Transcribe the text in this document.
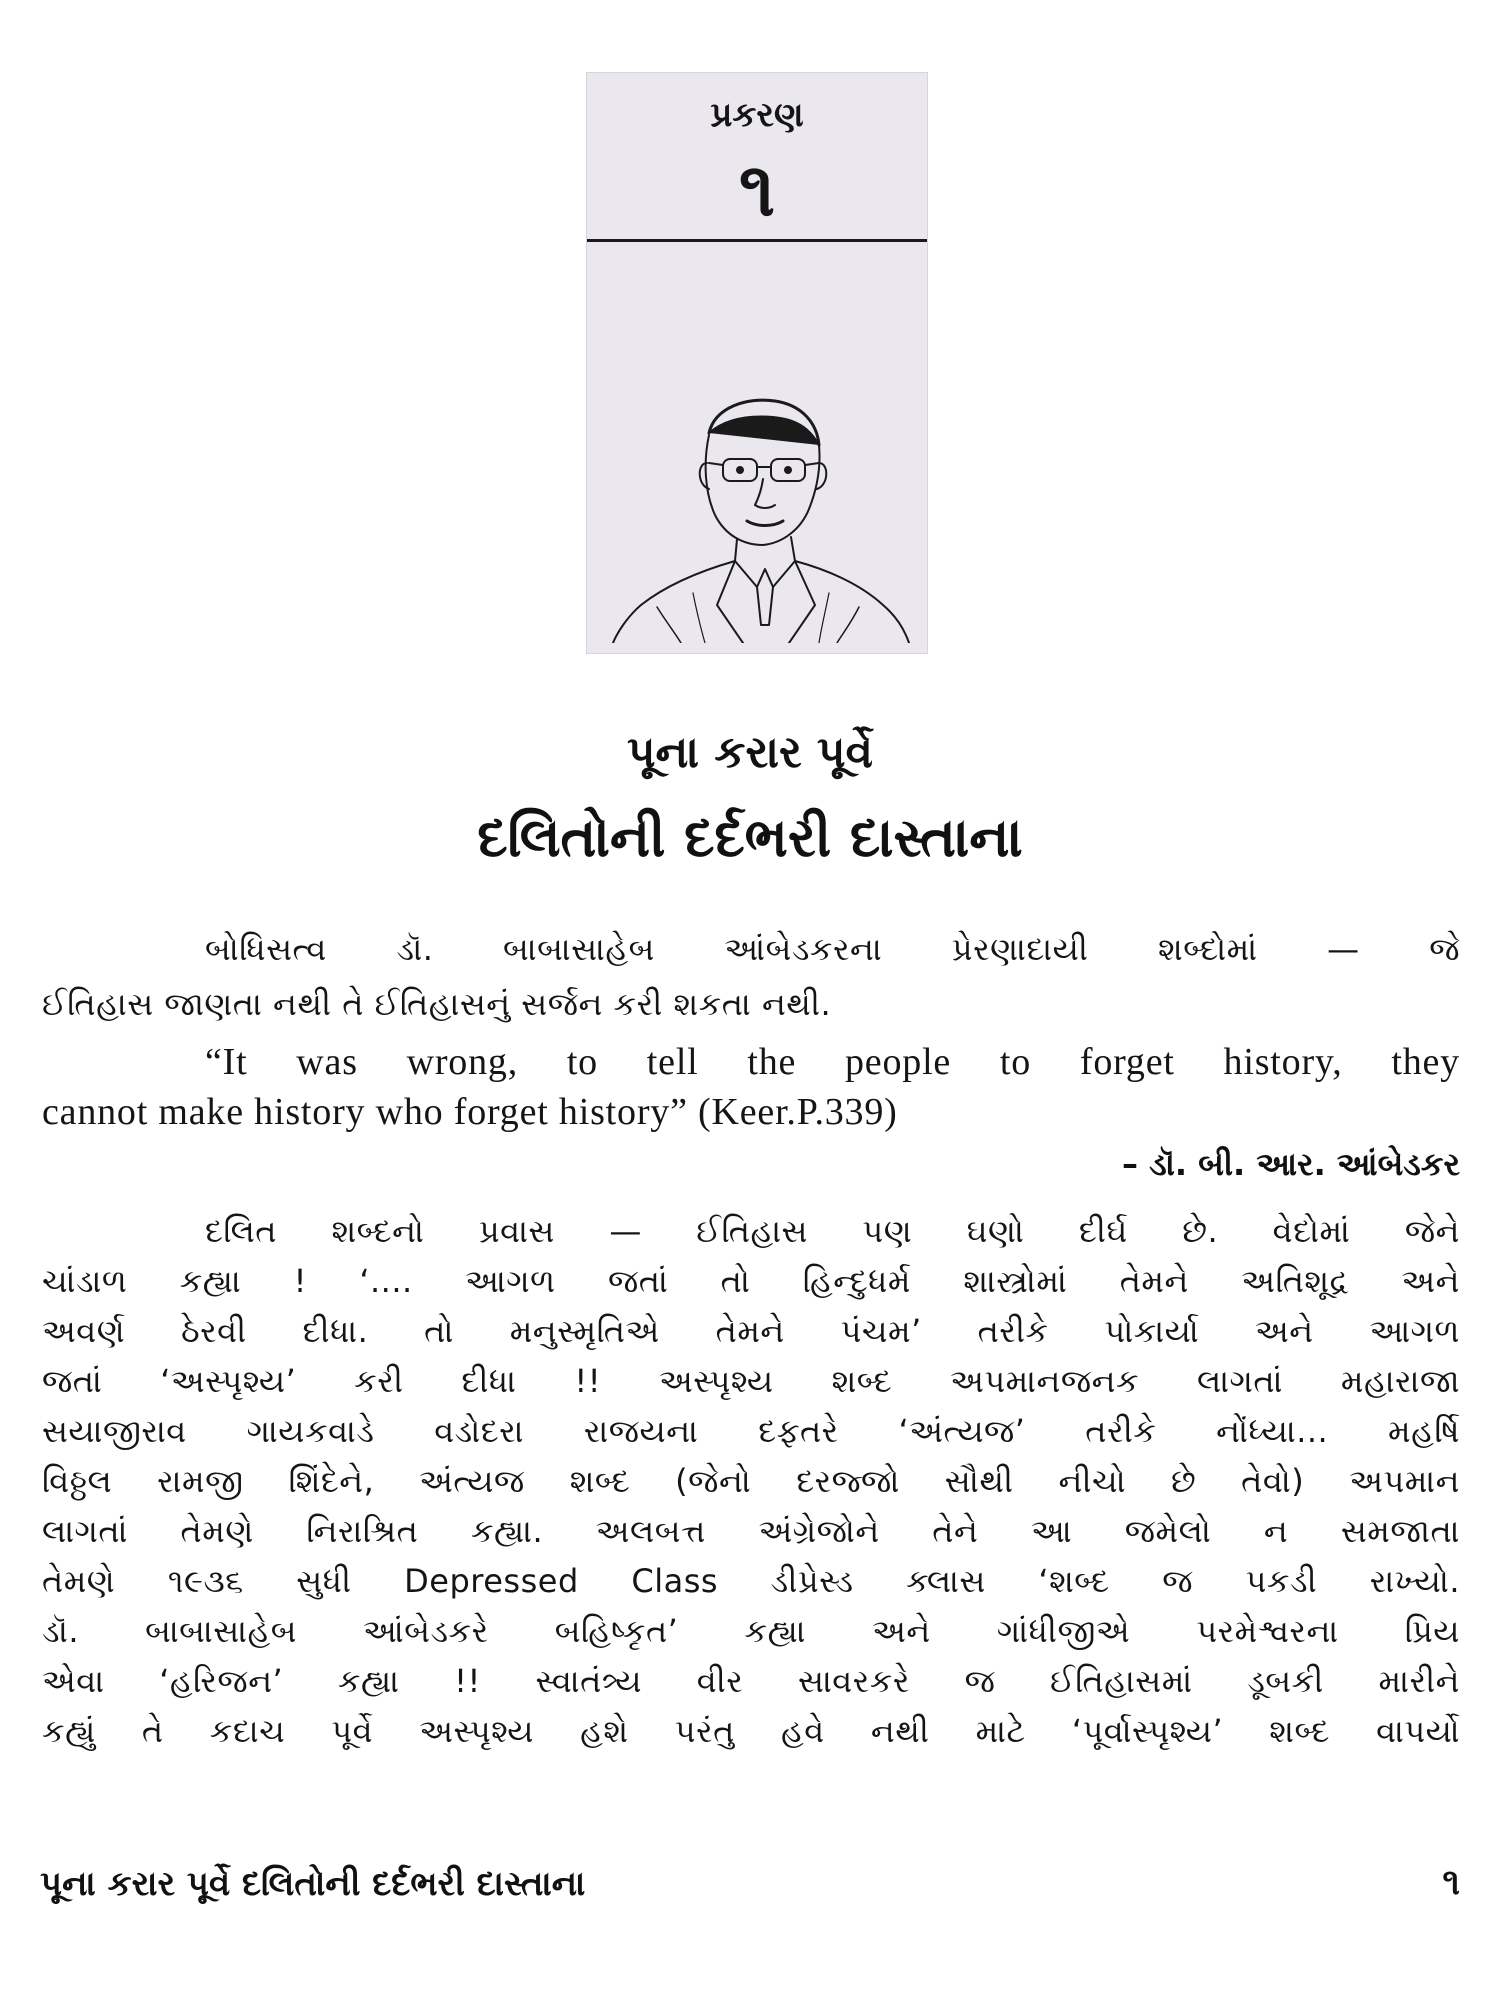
પ્રકરણ
૧
પૂના કરાર પૂર્વે
દલિતોની દર્દભરી દાસ્તાના
બોધિસત્વ ડૉ. બાબાસાહેબ આંબેડકરના પ્રેરણાદાયી શબ્દોમાં — જે
ઈતિહાસ જાણતા નથી તે ઈતિહાસનું સર્જન કરી શકતા નથી.
“It was wrong, to tell the people to forget history, they
cannot make history who forget history” (Keer.P.339)
– ડૉ. બી. આર. આંબેડકર
દલિત શબ્દનો પ્રવાસ — ઈતિહાસ પણ ઘણો દીર્ઘ છે. વેદોમાં જેને
ચાંડાળ કહ્યા ! ‘.... આગળ જતાં તો હિન્દુધર્મ શાસ્ત્રોમાં તેમને અતિશૂદ્ર અને
અવર્ણ ઠેરવી દીધા. તો મનુસ્મૃતિએ તેમને પંચમ’ તરીકે પોકાર્યા અને આગળ
જતાં ‘અસ્પૃશ્ય’ કરી દીધા !! અસ્પૃશ્ય શબ્દ અપમાનજનક લાગતાં મહારાજા
સયાજીરાવ ગાયકવાડે વડોદરા રાજયના દફતરે ‘અંત્યજ’ તરીકે નોંધ્યા... મહર્ષિ
વિઠ્ઠલ રામજી શિંદેને, અંત્યજ શબ્દ (જેનો દરજ્જો સૌથી નીચો છે તેવો) અપમાન
લાગતાં તેમણે નિરાશ્રિત કહ્યા. અલબત્ત અંગ્રેજોને તેને આ જમેલો ન સમજાતા
તેમણે ૧૯૩૬ સુધી Depressed Class ડીપ્રેસ્ડ ક્લાસ ‘શબ્દ જ પકડી રાખ્યો.
ડૉ. બાબાસાહેબ આંબેડકરે બહિષ્કૃત’ કહ્યા અને ગાંધીજીએ પરમેશ્વરના પ્રિય
એવા ‘હરિજન’ કહ્યા !! સ્વાતંત્ર્ય વીર સાવરકરે જ ઈતિહાસમાં ડૂબકી મારીને
કહ્યું તે કદાચ પૂર્વે અસ્પૃશ્ય હશે પરંતુ હવે નથી માટે ‘પૂર્વાસ્પૃશ્ય’ શબ્દ વાપર્યો
પૂના કરાર પૂર્વે દલિતોની દર્દભરી દાસ્તાના	૧
